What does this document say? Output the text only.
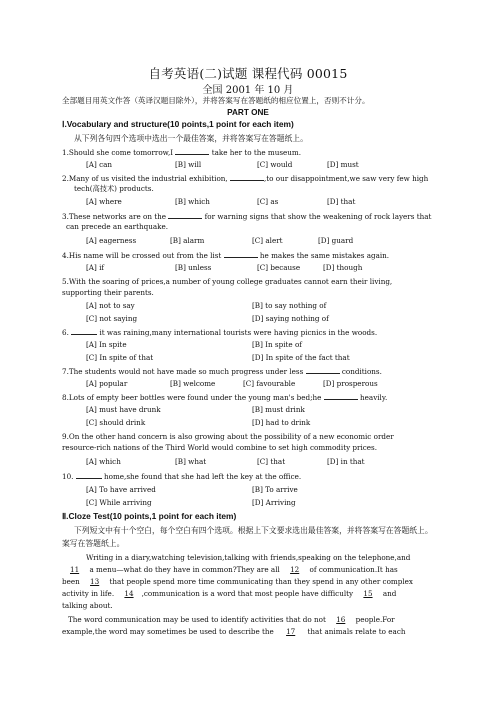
自考英语(二)试题 课程代码 00015
全国 2001 年 10 月
全部题目用英文作答（英译汉题目除外），并将答案写在答题纸的相应位置上，否则不计分。
PART ONE
Ⅰ.Vocabulary and structure(10 points,1 point for each item)
从下列各句四个选项中选出一个最佳答案，并将答案写在答题纸上。
1.Should she come tomorrow,I	take her to the museum.
[A] can	[B] will	[C] would	[D] must
2.Many of us visited the industrial exhibition,	,to our disappointment,we saw very few high
tech(高技术) products.
[A] where	[B] which	[C] as	[D] that
3.These networks are on the	for warning signs that show the weakening of rock layers that
can precede an earthquake.
[A] eagerness	[B] alarm	[C] alert	[D] guard
4.His name will be crossed out from the list	he makes the same mistakes again.
[A] if	[B] unless	[C] because	[D] though
5.With the soaring of prices,a number of young college graduates cannot earn their living,
supporting their parents.
[A] not to say	[B] to say nothing of
[C] not saying	[D] saying nothing of
6.	it was raining,many international tourists were having picnics in the woods.
[A] In spite	[B] In spite of
[C] In spite of that	[D] In spite of the fact that
7.The students would not have made so much progress under less	conditions.
[A] popular	[B] welcome	[C] favourable	[D] prosperous
8.Lots of empty beer bottles were found under the young man's bed;he	heavily.
[A] must have drunk	[B] must drink
[C] should drink	[D] had to drink
9.On the other hand concern is also growing about the possibility of a new economic order
resource-rich nations of the Third World would combine to set high commodity prices.
[A] which	[B] what	[C] that	[D] in that
10.	home,she found that she had left the key at the office.
[A] To have arrived	[B] To arrive
[C] While arriving	[D] Arriving
Ⅱ.Cloze Test(10 points,1 point for each item)
下列短文中有十个空白，每个空白有四个选项。根据上下文要求选出最佳答案，并将答案写在答题纸上。
案写在答题纸上。
Writing in a diary,watching television,talking with friends,speaking on the telephone,and
11 a menu—what do they have in common?They are all 12 of communication.It has
been 13 that people spend more time communicating than they spend in any other complex
activity in life. 14 ,communication is a word that most people have difficulty 15 and
talking about.
The word communication may be used to identify activities that do not 16 people.For
example,the word may sometimes be used to describe the 17 that animals relate to each
